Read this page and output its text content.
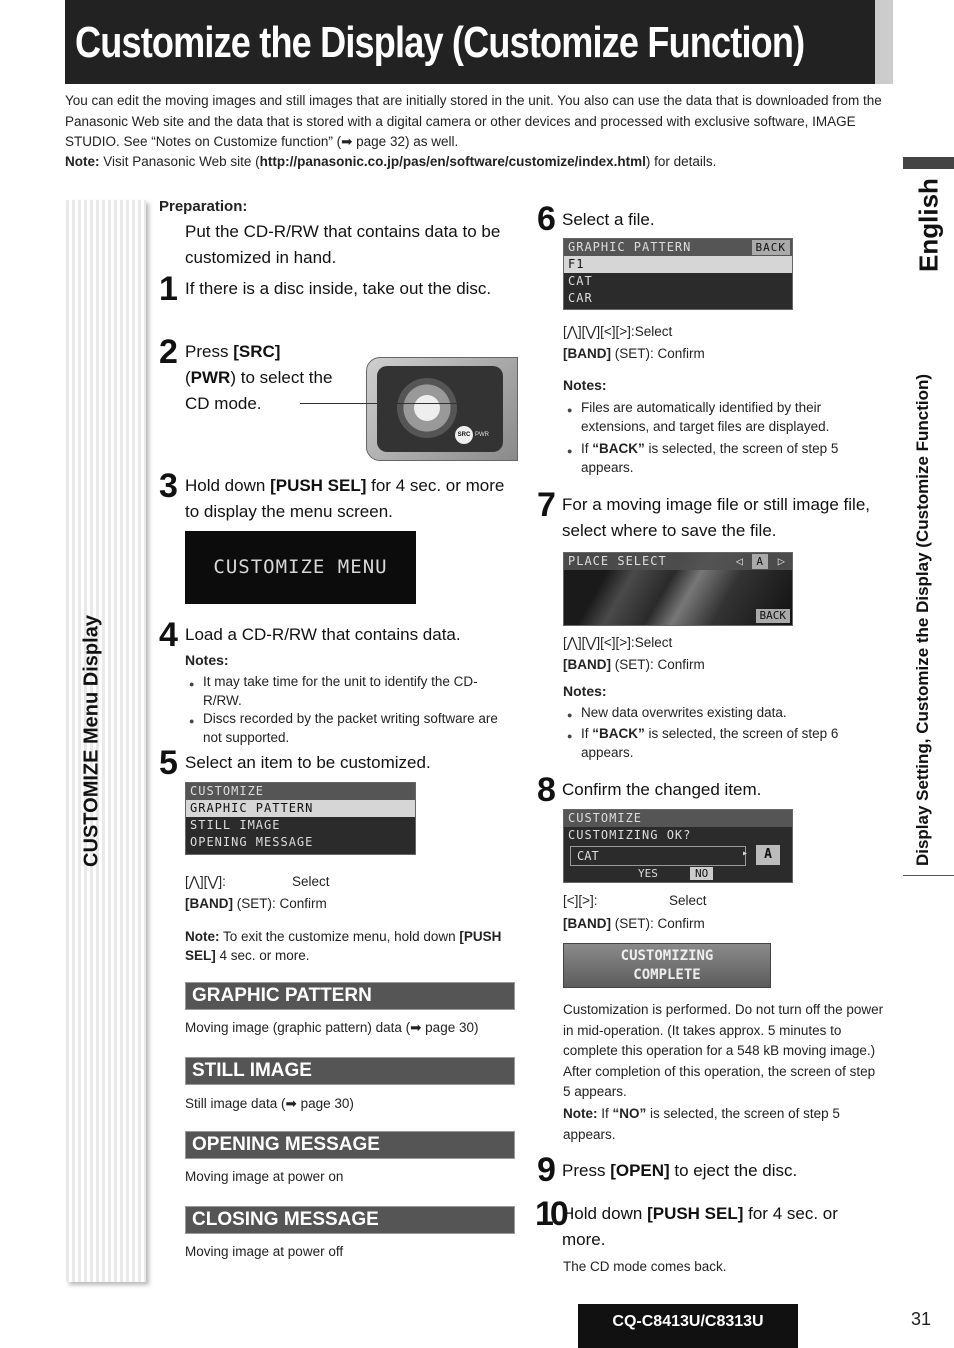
Customize the Display (Customize Function)
You can edit the moving images and still images that are initially stored in the unit. You also can use the data that is downloaded from the Panasonic Web site and the data that is stored with a digital camera or other devices and processed with exclusive software, IMAGE STUDIO. See “Notes on Customize function” (➡ page 32) as well.
Note: Visit Panasonic Web site (http://panasonic.co.jp/pas/en/software/customize/index.html) for details.
CUSTOMIZE Menu Display
English
Display Setting, Customize the Display (Customize Function)
Preparation:
Put the CD-R/RW that contains data to be customized in hand.
1 If there is a disc inside, take out the disc.
2 Press [SRC]
(PWR) to select the CD mode.
SRC PWR
3 Hold down [PUSH SEL] for 4 sec. or more to display the menu screen.
CUSTOMIZE MENU
4 Load a CD-R/RW that contains data.
Notes:
● It may take time for the unit to identify the CD-R/RW.
● Discs recorded by the packet writing software are not supported.
5 Select an item to be customized.
CUSTOMIZE
GRAPHIC PATTERN
STILL IMAGE
OPENING MESSAGE
[⋀][⋁]:	Select
[BAND] (SET): Confirm
Note: To exit the customize menu, hold down [PUSH SEL] 4 sec. or more.
GRAPHIC PATTERN
Moving image (graphic pattern) data (➡ page 30)
STILL IMAGE
Still image data (➡ page 30)
OPENING MESSAGE
Moving image at power on
CLOSING MESSAGE
Moving image at power off
6 Select a file.
GRAPHIC PATTERN	BACK
F1
CAT
CAR
[⋀][⋁][<][>]:Select
[BAND] (SET): Confirm
Notes:
● Files are automatically identified by their extensions, and target files are displayed.
● If “BACK” is selected, the screen of step 5 appears.
7 For a moving image file or still image file, select where to save the file.
PLACE SELECT	A	▷
◁
BACK
[⋀][⋁][<][>]:Select
[BAND] (SET): Confirm
Notes:
● New data overwrites existing data.
● If “BACK” is selected, the screen of step 6 appears.
8 Confirm the changed item.
CUSTOMIZE
CUSTOMIZING OK?
CAT	▸	A
YES	NO
[<][>]:	Select
[BAND] (SET): Confirm
CUSTOMIZING
COMPLETE
Customization is performed. Do not turn off the power in mid-operation. (It takes approx. 5 minutes to complete this operation for a 548 kB moving image.) After completion of this operation, the screen of step 5 appears.
Note: If “NO” is selected, the screen of step 5 appears.
9 Press [OPEN] to eject the disc.
10
Hold down [PUSH SEL] for 4 sec. or more.
The CD mode comes back.
CQ-C8413U/C8313U	31
